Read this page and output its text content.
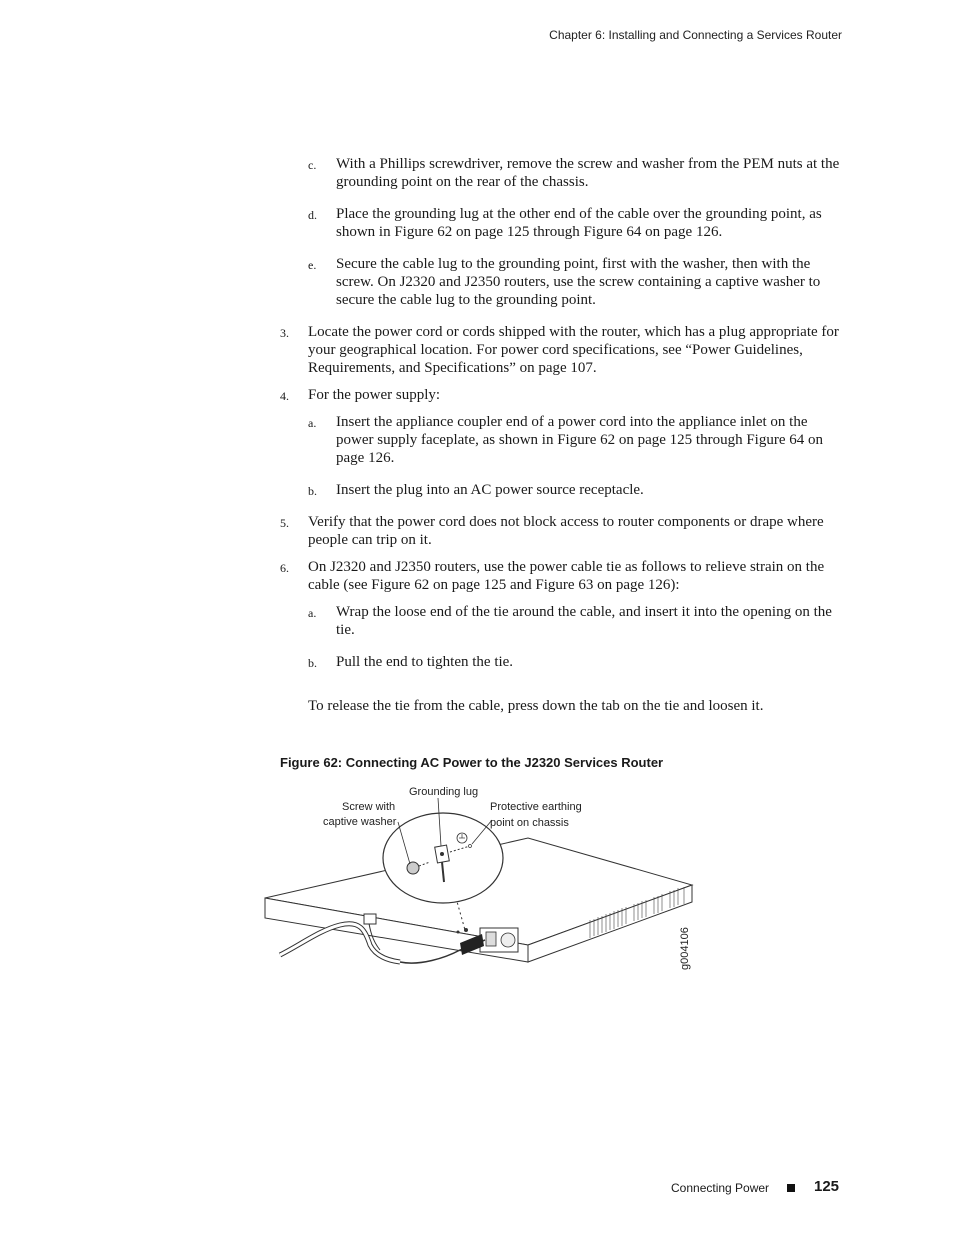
Chapter 6: Installing and Connecting a Services Router
c. With a Phillips screwdriver, remove the screw and washer from the PEM nuts at the grounding point on the rear of the chassis.
d. Place the grounding lug at the other end of the cable over the grounding point, as shown in Figure 62 on page 125 through Figure 64 on page 126.
e. Secure the cable lug to the grounding point, first with the washer, then with the screw. On J2320 and J2350 routers, use the screw containing a captive washer to secure the cable lug to the grounding point.
3. Locate the power cord or cords shipped with the router, which has a plug appropriate for your geographical location. For power cord specifications, see “Power Guidelines, Requirements, and Specifications” on page 107.
4. For the power supply:
a. Insert the appliance coupler end of a power cord into the appliance inlet on the power supply faceplate, as shown in Figure 62 on page 125 through Figure 64 on page 126.
b. Insert the plug into an AC power source receptacle.
5. Verify that the power cord does not block access to router components or drape where people can trip on it.
6. On J2320 and J2350 routers, use the power cable tie as follows to relieve strain on the cable (see Figure 62 on page 125 and Figure 63 on page 126):
a. Wrap the loose end of the tie around the cable, and insert it into the opening on the tie.
b. Pull the end to tighten the tie.
To release the tie from the cable, press down the tab on the tie and loosen it.
Figure 62: Connecting AC Power to the J2320 Services Router
Grounding lug
Screw with
captive washer
Protective earthing
point on chassis
g004106
Connecting Power	125
